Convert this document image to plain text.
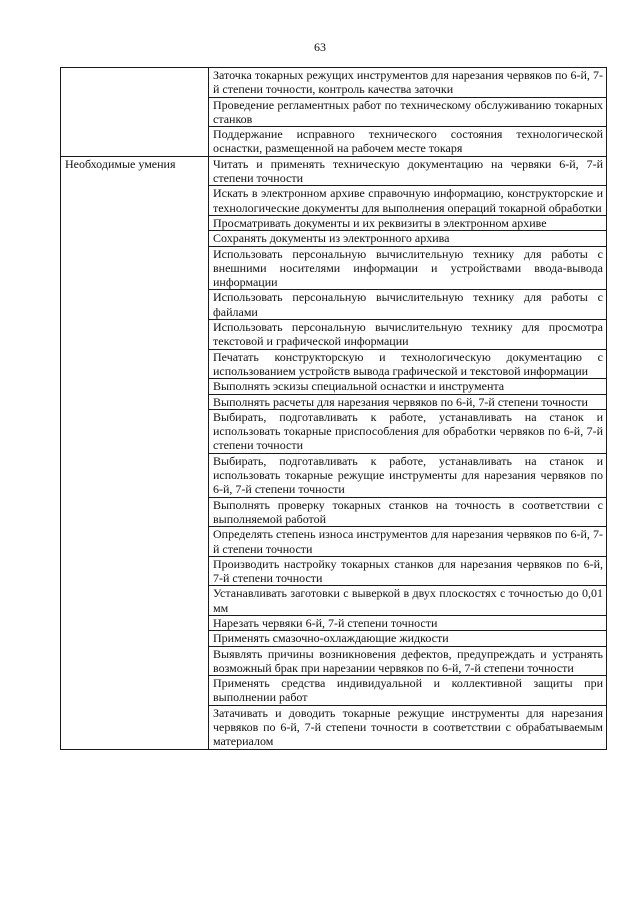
63
	Заточка токарных режущих инструментов для нарезания червяков по 6-й, 7-й степени точности, контроль качества заточки
	Проведение регламентных работ по техническому обслуживанию токарных станков
	Поддержание исправного технического состояния технологической оснастки, размещенной на рабочем месте токаря
Необходимые умения	Читать и применять техническую документацию на червяки 6-й, 7-й степени точности
	Искать в электронном архиве справочную информацию, конструкторские и технологические документы для выполнения операций токарной обработки
	Просматривать документы и их реквизиты в электронном архиве
	Сохранять документы из электронного архива
	Использовать персональную вычислительную технику для работы с внешними носителями информации и устройствами ввода-вывода информации
	Использовать персональную вычислительную технику для работы с файлами
	Использовать персональную вычислительную технику для просмотра текстовой и графической информации
	Печатать конструкторскую и технологическую документацию с использованием устройств вывода графической и текстовой информации
	Выполнять эскизы специальной оснастки и инструмента
	Выполнять расчеты для нарезания червяков по 6-й, 7-й степени точности
	Выбирать, подготавливать к работе, устанавливать на станок и использовать токарные приспособления для обработки червяков по 6-й, 7-й степени точности
	Выбирать, подготавливать к работе, устанавливать на станок и использовать токарные режущие инструменты для нарезания червяков по 6-й, 7-й степени точности
	Выполнять проверку токарных станков на точность в соответствии с выполняемой работой
	Определять степень износа инструментов для нарезания червяков по 6-й, 7-й степени точности
	Производить настройку токарных станков для нарезания червяков по 6-й, 7-й степени точности
	Устанавливать заготовки с выверкой в двух плоскостях с точностью до 0,01 мм
	Нарезать червяки 6-й, 7-й степени точности
	Применять смазочно-охлаждающие жидкости
	Выявлять причины возникновения дефектов, предупреждать и устранять возможный брак при нарезании червяков по 6-й, 7-й степени точности
	Применять средства индивидуальной и коллективной защиты при выполнении работ
	Затачивать и доводить токарные режущие инструменты для нарезания червяков по 6-й, 7-й степени точности в соответствии с обрабатываемым материалом
